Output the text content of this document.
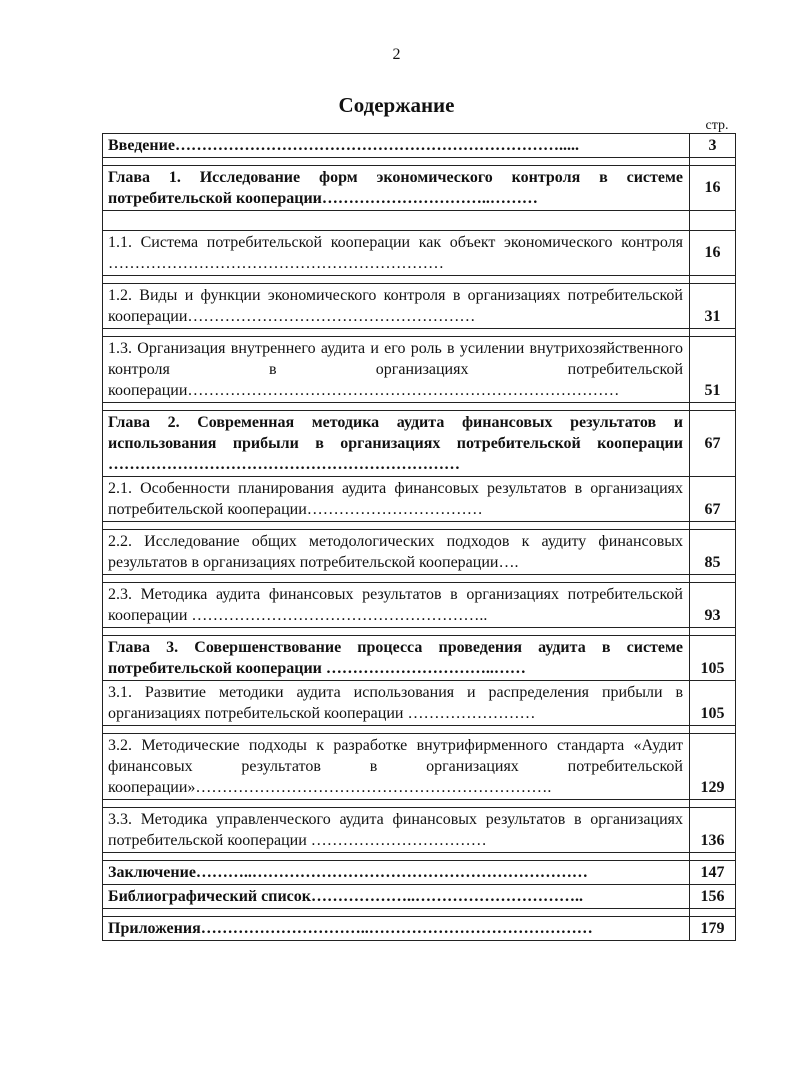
2
Содержание
стр.
Введение……………………………………………………………….....	3

Глава 1. Исследование форм экономического контроля в системе потребительской кооперации…………………………..………	16

1.1. Система потребительской кооперации как объект экономического контроля ………………………………………………………	16

1.2. Виды и функции экономического контроля в организациях потребительской кооперации………………………………………………	31

1.3. Организация внутреннего аудита и его роль в усилении внутрихозяйственного контроля в организациях потребительской кооперации………………………………………………………………………	51

Глава 2. Современная методика аудита финансовых результатов и использования прибыли в организациях потребительской кооперации …………………………………………………………	67
2.1. Особенности планирования аудита финансовых результатов в организациях потребительской кооперации……………………………	67

2.2. Исследование общих методологических подходов к аудиту финансовых результатов в организациях потребительской кооперации….	85

2.3. Методика аудита финансовых результатов в организациях потребительской кооперации ………………………………………………..	93

Глава 3. Совершенствование процесса проведения аудита в системе потребительской кооперации …………………………..……	105
3.1. Развитие методики аудита использования и распределения прибыли в организациях потребительской кооперации ……………………	105

3.2. Методические подходы к разработке внутрифирменного стандарта «Аудит финансовых результатов в организациях потребительской кооперации»………………………………………………………….	129

3.3. Методика управленческого аудита финансовых результатов в организациях потребительской кооперации ……………………………	136

Заключение………..………………………………………………………	147
Библиографический список………………..…………………………..	156

Приложения…………………………..……………………………………	179
